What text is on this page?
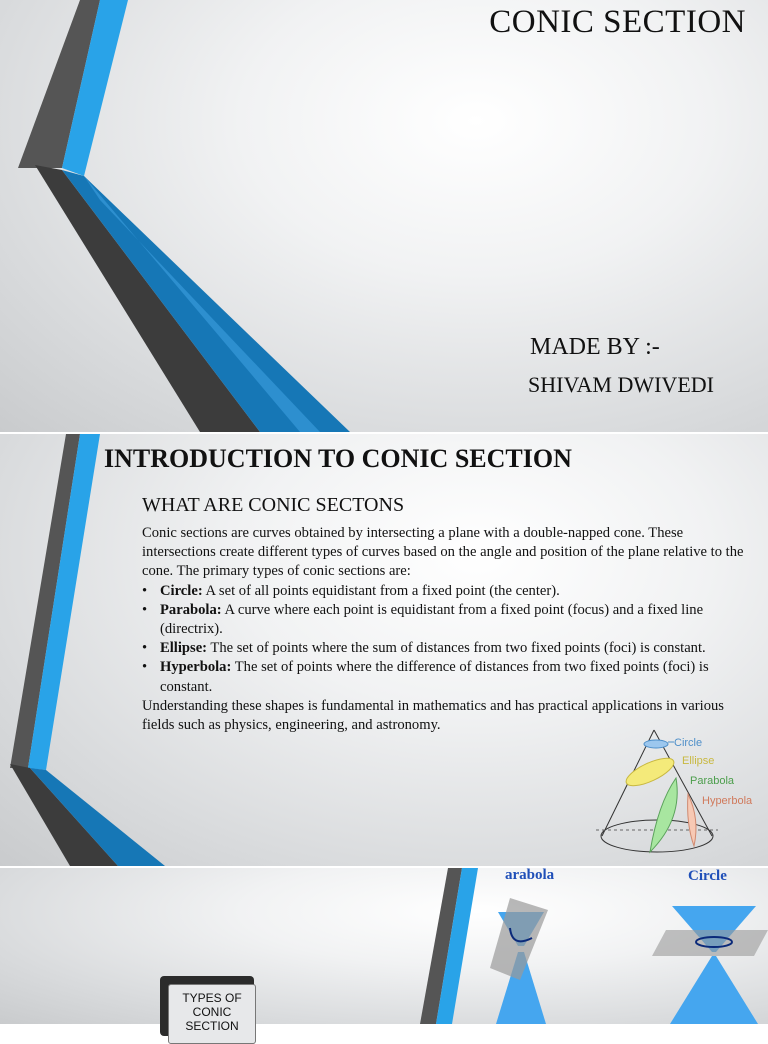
CONIC SECTION
MADE BY :-
SHIVAM DWIVEDI
INTRODUCTION TO CONIC SECTION
WHAT ARE CONIC SECTONS

Conic sections are curves obtained by intersecting a plane with a double-napped cone. These intersections create different types of curves based on the angle and position of the plane relative to the cone. The primary types of conic sections are:

• Circle: A set of all points equidistant from a fixed point (the center).
• Parabola: A curve where each point is equidistant from a fixed point (focus) and a fixed line (directrix).
• Ellipse: The set of points where the sum of distances from two fixed points (foci) is constant.
• Hyperbola: The set of points where the difference of distances from two fixed points (foci) is constant.

Understanding these shapes is fundamental in mathematics and has practical applications in various fields such as physics, engineering, and astronomy.

Circle
Ellipse
Parabola
Hyperbola
arabola	Circle
TYPES OF CONIC SECTION
